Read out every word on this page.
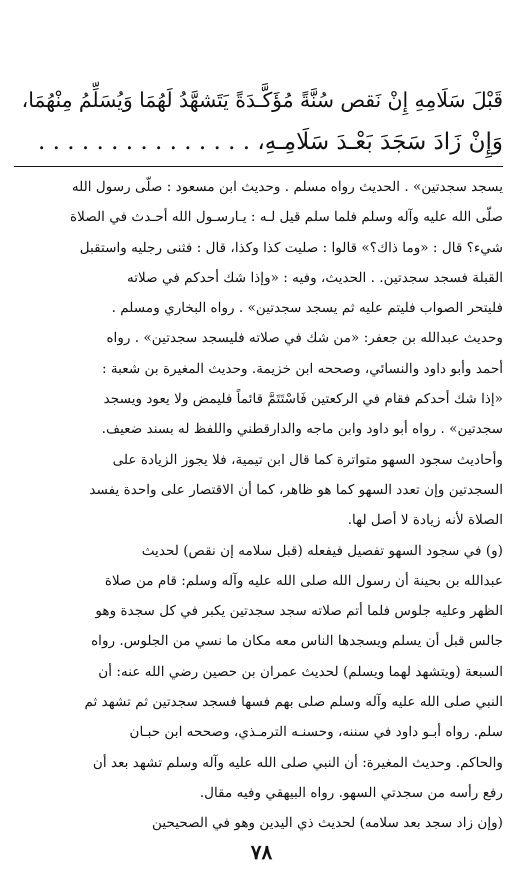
قَبْلَ سَلَامِهِ إِنْ نَقص سُنَّةً مُؤَكَّـدَةً يَتَشهَّدُ لَهُمَا وَيُسَلِّمُ مِنْهُمَا،
وَإِنْ زَادَ سَجَدَ بَعْـدَ سَلَامِـهِ، . . . . . . . . . . . . . . .

يسجد سجدتين» . الحديث رواه مسلم . وحديث ابن مسعود : صلّى رسول الله

صلّى الله عليه وآله وسلم فلما سلم قيل لـه : يـارسـول الله أحـدث في الصلاة

شيء؟ قال : «وما ذاك؟» قالوا : صليت كذا وكذا، قال : فثنى رجليه واستقبل

القبلة فسجد سجدتين. . الحديث، وفيه : «وإذا شك أحدكم في صلاته

فليتحر الصواب فليتم عليه ثم يسجد سجدتين» . رواه البخاري ومسلم .

وحديث عبدالله بن جعفر: «من شك في صلاته فليسجد سجدتين» . رواه

أحمد وأبو داود والنسائي، وصححه ابن خزيمة. وحديث المغيرة بن شعبة :

«إذا شك أحدكم فقام في الركعتين فَاسْتَتَمَّ قائماً فليمض ولا يعود ويسجد

سجدتين» . رواه أبو داود وابن ماجه والدارقطني واللفظ له بسند ضعيف.

وأحاديث سجود السهو متواترة كما قال ابن تيمية، فلا يجوز الزيادة على

السجدتين وإن تعدد السهو كما هو ظاهر، كما أن الاقتصار على واحدة يفسد

الصلاة لأنه زيادة لا أصل لها.

(و) في سجود السهو تفصيل فيفعله (قبل سلامه إن نقص) لحديث

عبدالله بن بحينة أن رسول الله صلى الله عليه وآله وسلم: قام من صلاة

الظهر وعليه جلوس فلما أتم صلاته سجد سجدتين يكبر في كل سجدة وهو

جالس قبل أن يسلم ويسجدها الناس معه مكان ما نسي من الجلوس. رواه

السبعة (ويتشهد لهما ويسلم) لحديث عمران بن حصين رضي الله عنه: أن

النبي صلى الله عليه وآله وسلم صلى بهم فسها فسجد سجدتين ثم تشهد ثم

سلم. رواه أبـو داود في سننه، وحسنـه الترمـذي، وصححه ابن حبـان

والحاكم. وحديث المغيرة: أن النبي صلى الله عليه وآله وسلم تشهد بعد أن

رفع رأسه من سجدتي السهو. رواه البيهقي وفيه مقال.

(وإن زاد سجد بعد سلامه) لحديث ذي اليدين وهو في الصحيحين

٧٨
